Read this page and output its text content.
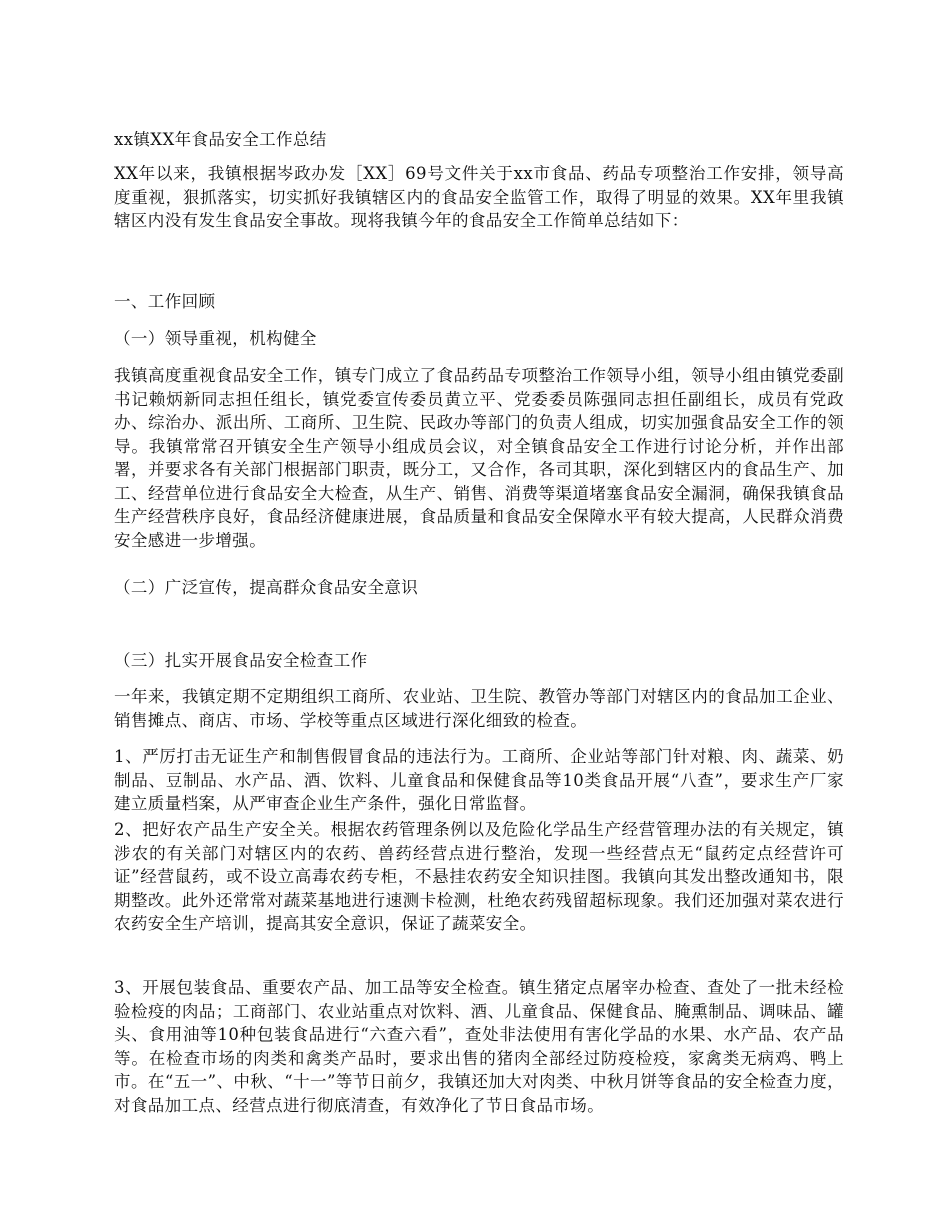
xx镇XX年食品安全工作总结

XX年以来，我镇根据岑政办发［XX］69号文件关于xx市食品、药品专项整治工作安排，领导高度重视，狠抓落实，切实抓好我镇辖区内的食品安全监管工作，取得了明显的效果。XX年里我镇辖区内没有发生食品安全事故。现将我镇今年的食品安全工作简单总结如下：

一、工作回顾

（一）领导重视，机构健全

我镇高度重视食品安全工作，镇专门成立了食品药品专项整治工作领导小组，领导小组由镇党委副书记赖炳新同志担任组长，镇党委宣传委员黄立平、党委委员陈强同志担任副组长，成员有党政办、综治办、派出所、工商所、卫生院、民政办等部门的负责人组成，切实加强食品安全工作的领导。我镇常常召开镇安全生产领导小组成员会议，对全镇食品安全工作进行讨论分析，并作出部署，并要求各有关部门根据部门职责，既分工，又合作，各司其职，深化到辖区内的食品生产、加工、经营单位进行食品安全大检查，从生产、销售、消费等渠道堵塞食品安全漏洞，确保我镇食品生产经营秩序良好，食品经济健康进展，食品质量和食品安全保障水平有较大提高，人民群众消费安全感进一步增强。

（二）广泛宣传，提高群众食品安全意识

（三）扎实开展食品安全检查工作

一年来，我镇定期不定期组织工商所、农业站、卫生院、教管办等部门对辖区内的食品加工企业、销售摊点、商店、市场、学校等重点区域进行深化细致的检查。

1、严厉打击无证生产和制售假冒食品的违法行为。工商所、企业站等部门针对粮、肉、蔬菜、奶制品、豆制品、水产品、酒、饮料、儿童食品和保健食品等10类食品开展“八查”，要求生产厂家建立质量档案，从严审查企业生产条件，强化日常监督。

2、把好农产品生产安全关。根据农药管理条例以及危险化学品生产经营管理办法的有关规定，镇涉农的有关部门对辖区内的农药、兽药经营点进行整治，发现一些经营点无“鼠药定点经营许可证”经营鼠药，或不设立高毒农药专柜，不悬挂农药安全知识挂图。我镇向其发出整改通知书，限期整改。此外还常常对蔬菜基地进行速测卡检测，杜绝农药残留超标现象。我们还加强对菜农进行农药安全生产培训，提高其安全意识，保证了蔬菜安全。

3、开展包装食品、重要农产品、加工品等安全检查。镇生猪定点屠宰办检查、查处了一批未经检验检疫的肉品；工商部门、农业站重点对饮料、酒、儿童食品、保健食品、腌熏制品、调味品、罐头、食用油等10种包装食品进行“六查六看”，查处非法使用有害化学品的水果、水产品、农产品等。在检查市场的肉类和禽类产品时，要求出售的猪肉全部经过防疫检疫，家禽类无病鸡、鸭上市。在“五一”、中秋、“十一”等节日前夕，我镇还加大对肉类、中秋月饼等食品的安全检查力度，对食品加工点、经营点进行彻底清查，有效净化了节日食品市场。
